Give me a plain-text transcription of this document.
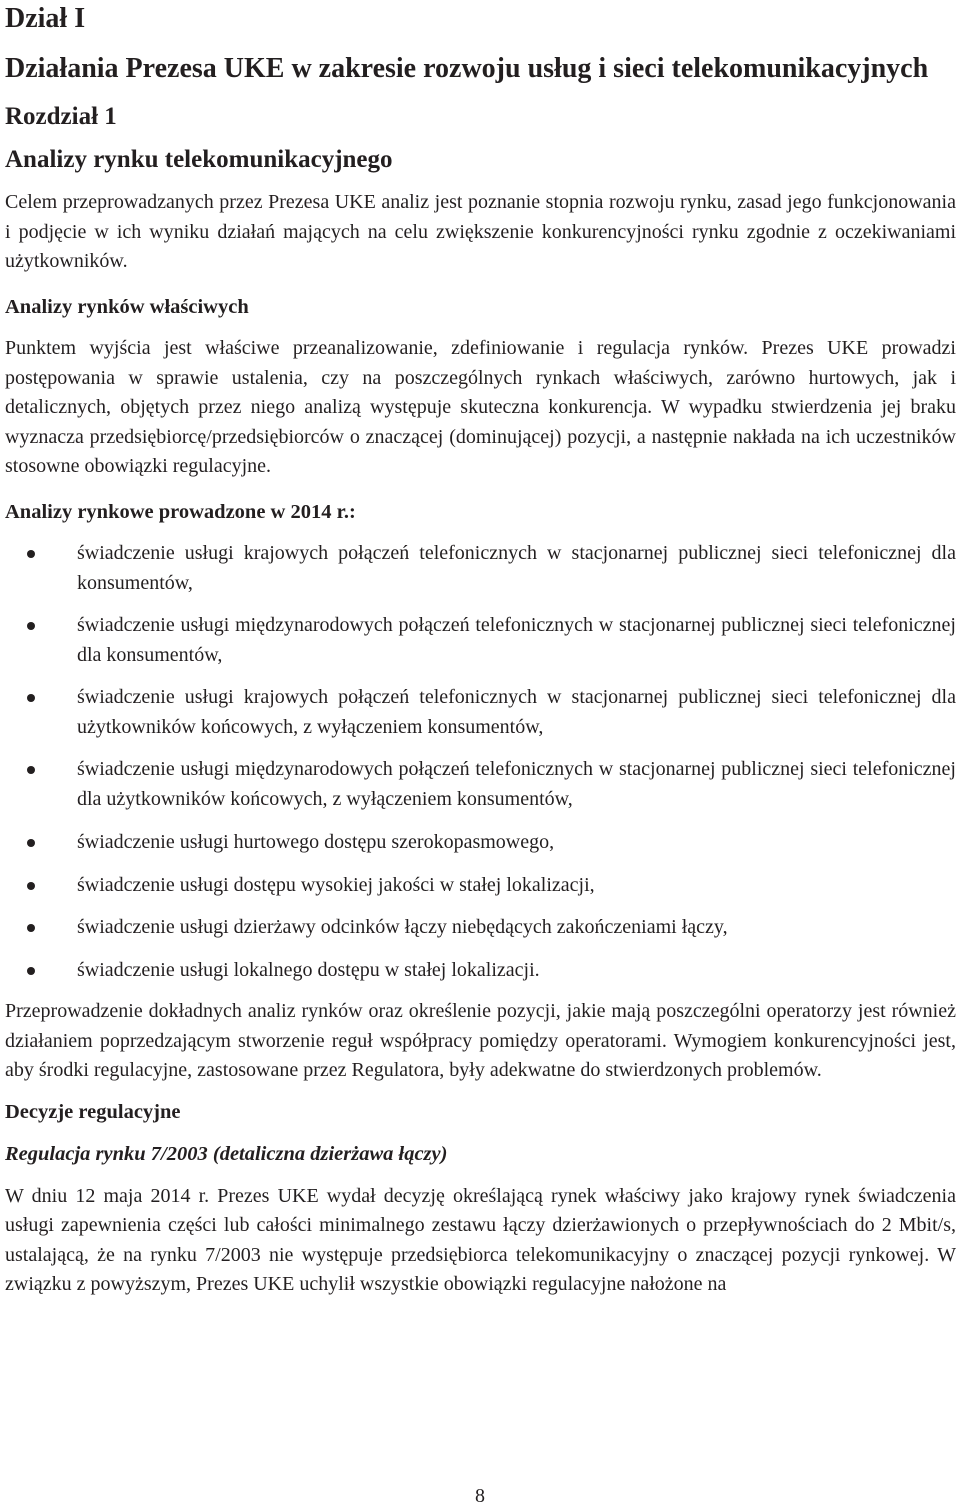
Dział I
Działania Prezesa UKE w zakresie rozwoju usług i sieci telekomunikacyjnych
Rozdział 1
Analizy rynku telekomunikacyjnego

Celem przeprowadzanych przez Prezesa UKE analiz jest poznanie stopnia rozwoju rynku, zasad jego funkcjonowania i podjęcie w ich wyniku działań mających na celu zwiększenie konkurencyjności rynku zgodnie z oczekiwaniami użytkowników.

Analizy rynków właściwych

Punktem wyjścia jest właściwe przeanalizowanie, zdefiniowanie i regulacja rynków. Prezes UKE prowadzi postępowania w sprawie ustalenia, czy na poszczególnych rynkach właściwych, zarówno hurtowych, jak i detalicznych, objętych przez niego analizą występuje skuteczna konkurencja. W wypadku stwierdzenia jej braku wyznacza przedsiębiorcę/przedsiębiorców o znaczącej (dominującej) pozycji, a następnie nakłada na ich uczestników stosowne obowiązki regulacyjne.

Analizy rynkowe prowadzone w 2014 r.:
świadczenie usługi krajowych połączeń telefonicznych w stacjonarnej publicznej sieci telefonicznej dla konsumentów,
świadczenie usługi międzynarodowych połączeń telefonicznych w stacjonarnej publicznej sieci telefonicznej dla konsumentów,
świadczenie usługi krajowych połączeń telefonicznych w stacjonarnej publicznej sieci telefonicznej dla użytkowników końcowych, z wyłączeniem konsumentów,
świadczenie usługi międzynarodowych połączeń telefonicznych w stacjonarnej publicznej sieci telefonicznej dla użytkowników końcowych, z wyłączeniem konsumentów,
świadczenie usługi hurtowego dostępu szerokopasmowego,
świadczenie usługi dostępu wysokiej jakości w stałej lokalizacji,
świadczenie usługi dzierżawy odcinków łączy niebędących zakończeniami łączy,
świadczenie usługi lokalnego dostępu w stałej lokalizacji.

Przeprowadzenie dokładnych analiz rynków oraz określenie pozycji, jakie mają poszczególni operatorzy jest również działaniem poprzedzającym stworzenie reguł współpracy pomiędzy operatorami. Wymogiem konkurencyjności jest, aby środki regulacyjne, zastosowane przez Regulatora, były adekwatne do stwierdzonych problemów.

Decyzje regulacyjne
Regulacja rynku 7/2003 (detaliczna dzierżawa łączy)

W dniu 12 maja 2014 r. Prezes UKE wydał decyzję określającą rynek właściwy jako krajowy rynek świadczenia usługi zapewnienia części lub całości minimalnego zestawu łączy dzierżawionych o przepływnościach do 2 Mbit/s, ustalającą, że na rynku 7/2003 nie występuje przedsiębiorca telekomunikacyjny o znaczącej pozycji rynkowej. W związku z powyższym, Prezes UKE uchylił wszystkie obowiązki regulacyjne nałożone na

8
